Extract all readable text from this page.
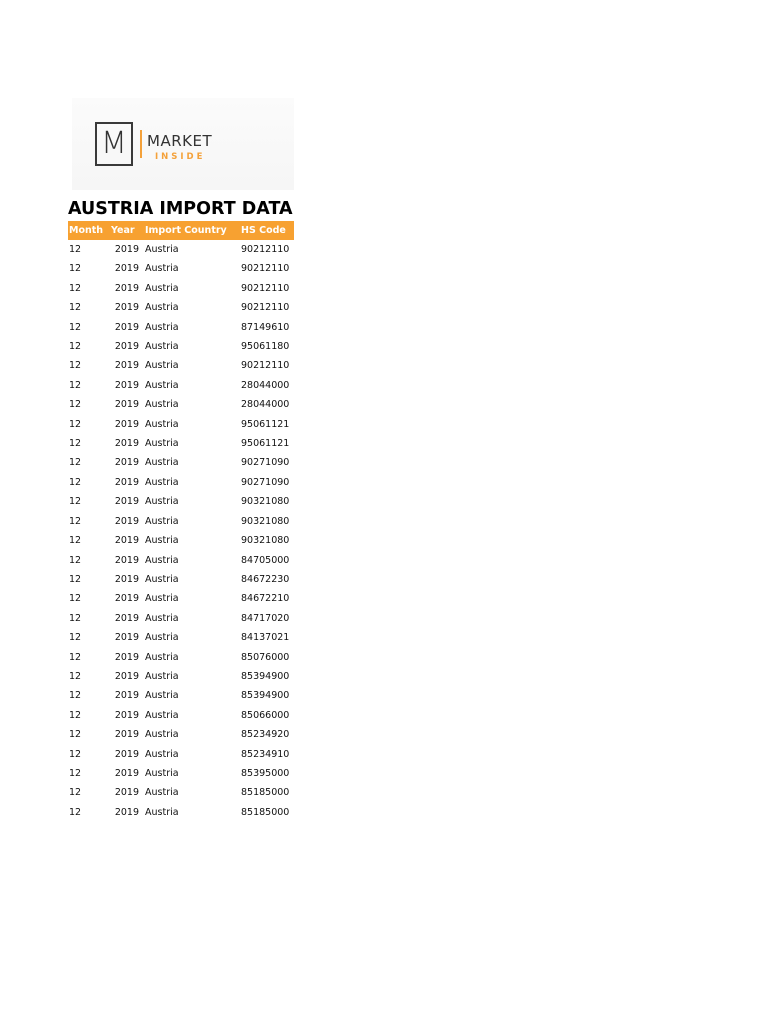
M	MARKET
INSIDE
AUSTRIA IMPORT DATA
Month	Year	Import Country	HS Code
12	2019	Austria	90212110
12	2019	Austria	90212110
12	2019	Austria	90212110
12	2019	Austria	90212110
12	2019	Austria	87149610
12	2019	Austria	95061180
12	2019	Austria	90212110
12	2019	Austria	28044000
12	2019	Austria	28044000
12	2019	Austria	95061121
12	2019	Austria	95061121
12	2019	Austria	90271090
12	2019	Austria	90271090
12	2019	Austria	90321080
12	2019	Austria	90321080
12	2019	Austria	90321080
12	2019	Austria	84705000
12	2019	Austria	84672230
12	2019	Austria	84672210
12	2019	Austria	84717020
12	2019	Austria	84137021
12	2019	Austria	85076000
12	2019	Austria	85394900
12	2019	Austria	85394900
12	2019	Austria	85066000
12	2019	Austria	85234920
12	2019	Austria	85234910
12	2019	Austria	85395000
12	2019	Austria	85185000
12	2019	Austria	85185000
